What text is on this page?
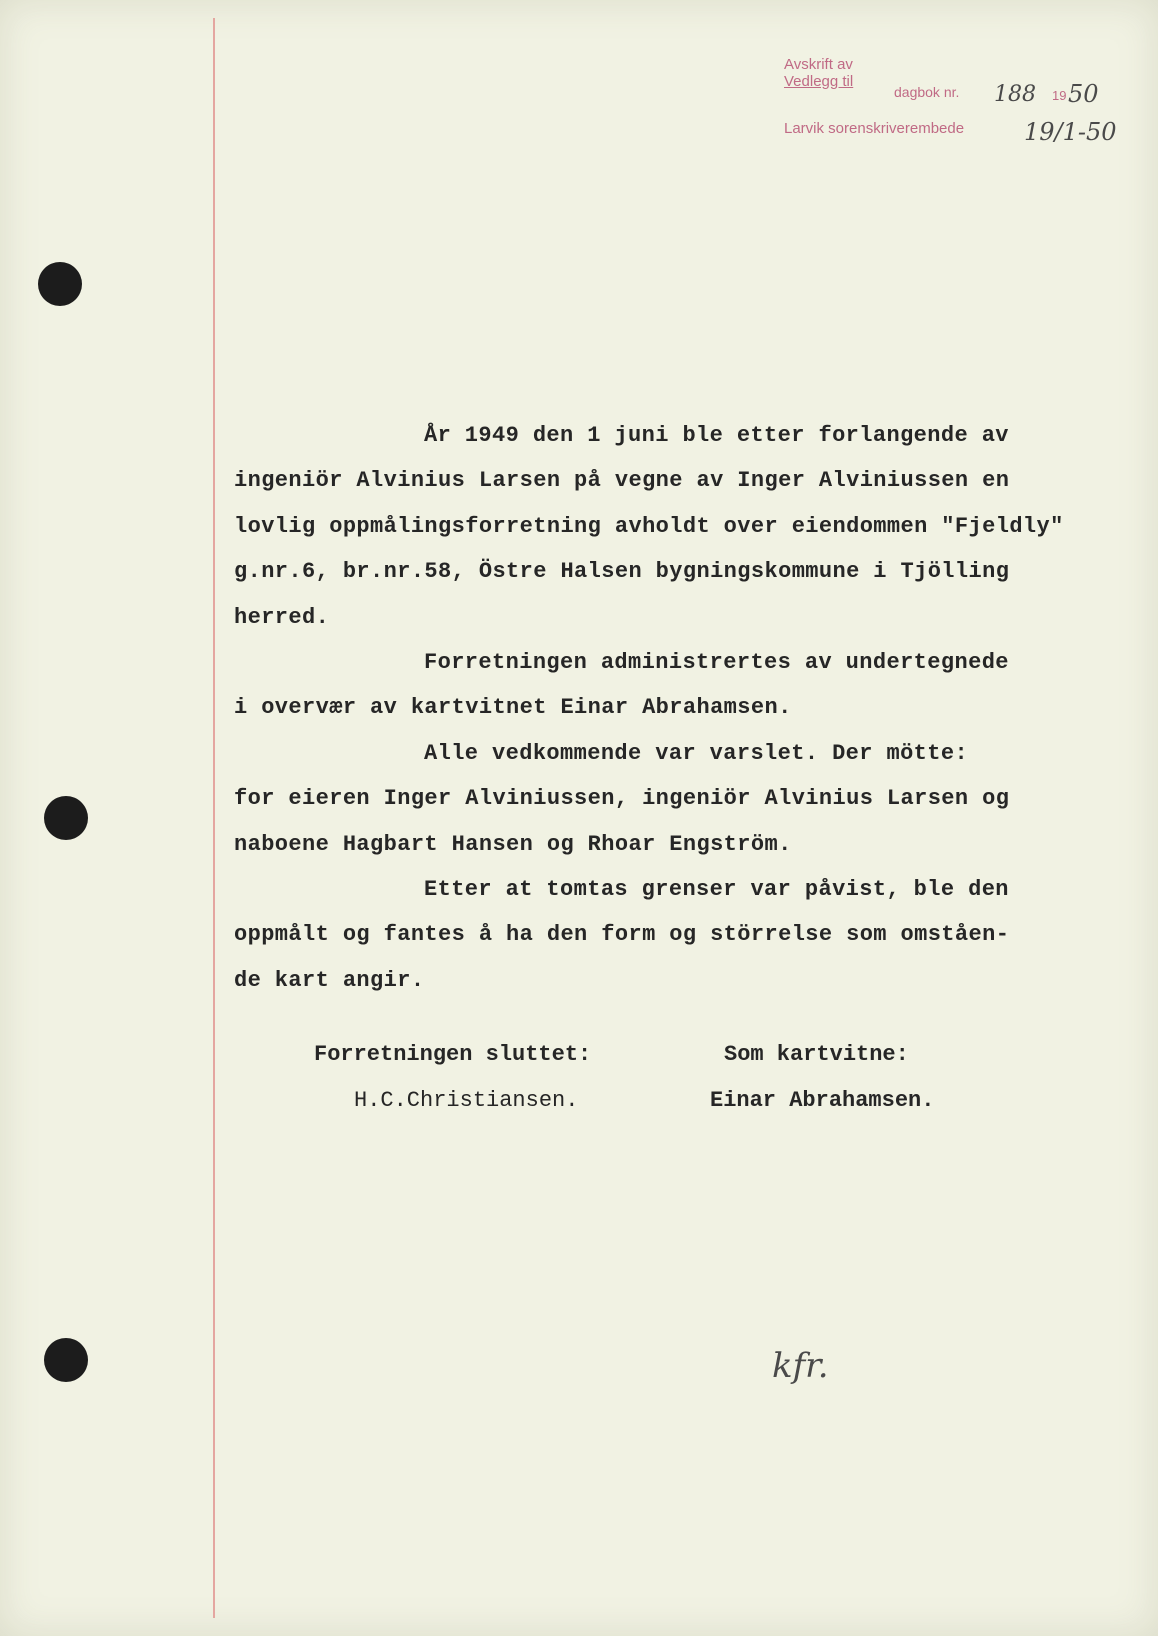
Avskrift av
Vedlegg til
dagbok nr. 188 19 50
Larvik sorenskriverembede 19/1-50

År 1949 den 1 juni ble etter forlangende av

ingeniör Alvinius Larsen på vegne av Inger Alviniussen en

lovlig oppmålingsforretning avholdt over eiendommen "Fjeldly"

g.nr.6, br.nr.58, Östre Halsen bygningskommune i Tjölling

herred.

Forretningen administrertes av undertegnede

i overvær av kartvitnet Einar Abrahamsen.

Alle vedkommende var varslet. Der mötte:

for eieren Inger Alviniussen, ingeniör Alvinius Larsen og

naboene Hagbart Hansen og Rhoar Engström.

Etter at tomtas grenser var påvist, ble den

oppmålt og fantes å ha den form og störrelse som omståen-

de kart angir.

Forretningen sluttet:	Som kartvitne:
H.C.Christiansen.	Einar Abrahamsen.
kfr.
